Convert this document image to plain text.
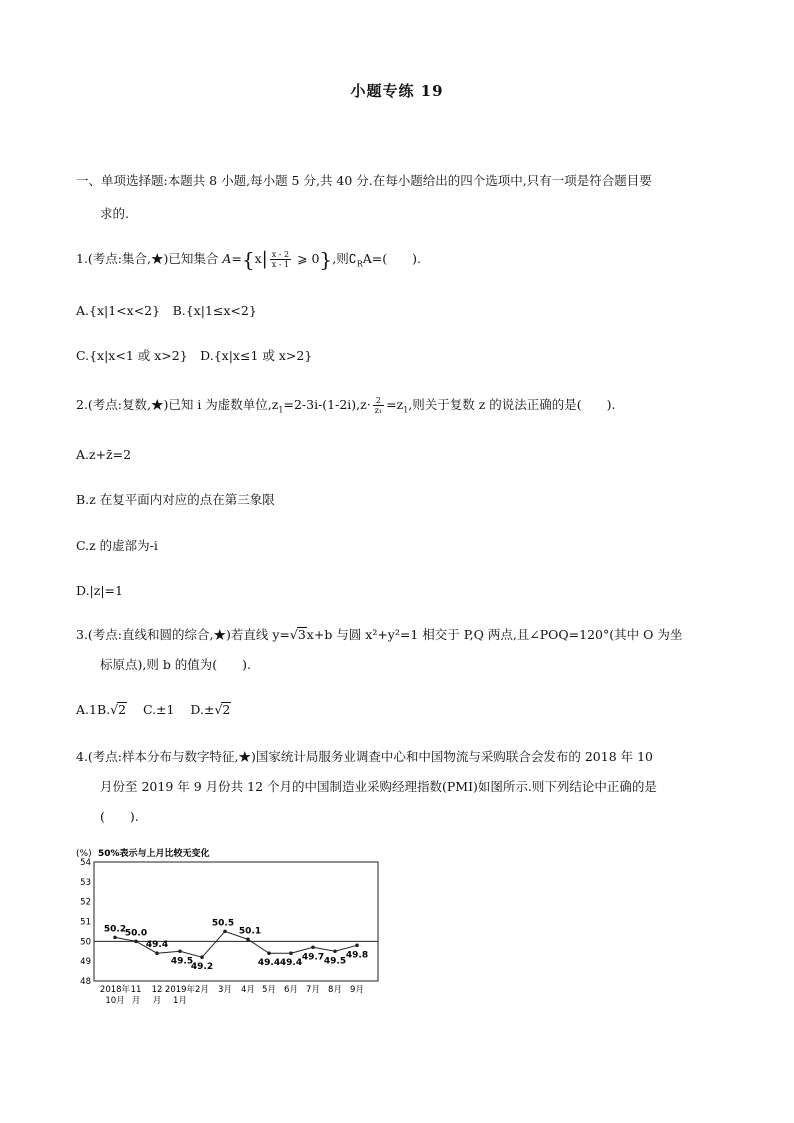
小题专练 19
一、单项选择题:本题共 8 小题,每小题 5 分,共 40 分.在每小题给出的四个选项中,只有一项是符合题目要
求的.
1.(考点:集合,★)已知集合 $A=\{x| \frac{x - 2}{x - 1}$ ⩾ 0},则$∁_RA=$(　　).
A.{x|1<x<2}　B.{x|1≤x<2}
C.{x|x<1 或 x>2}　D.{x|x≤1 或 x>2}
2.(考点:复数,★)已知 i 为虚数单位$,z_1=2-3i-(1-2i),z\cdot \frac{2}{\text{z₁}} =z_1$,则关于复数 z 的说法正确的是(　　).
A.z+z̄=2
B.z 在复平面内对应的点在第三象限
C.z 的虚部为-i
D.|z|=1
3.(考点:直线和圆的综合,★)若直线 y=√3x+b 与圆 x²+y²=1 相交于 P,Q 两点,且∠POQ=120°(其中 O 为坐
标原点),则 b 的值为(　　).
A.1B.√2 C.±1 D.±√2
4.(考点:样本分布与数字特征,★)国家统计局服务业调查中心和中国物流与采购联合会发布的 2018 年 10
月份至 2019 年 9 月份共 12 个月的中国制造业采购经理指数(PMI)如图所示.则下列结论中正确的是
(　　).
(%) 50%表示与上月比较无变化
48
49
50
51
52
53
54
50.2
50.0
49.4
49.5
49.2
50.5
50.1
49.4 49.4
49.7 49.5
49.8
2018年
10月
11
月
12
月
2019年
1月
2月 3月 4月 5月 6月 7月 8月 9月
